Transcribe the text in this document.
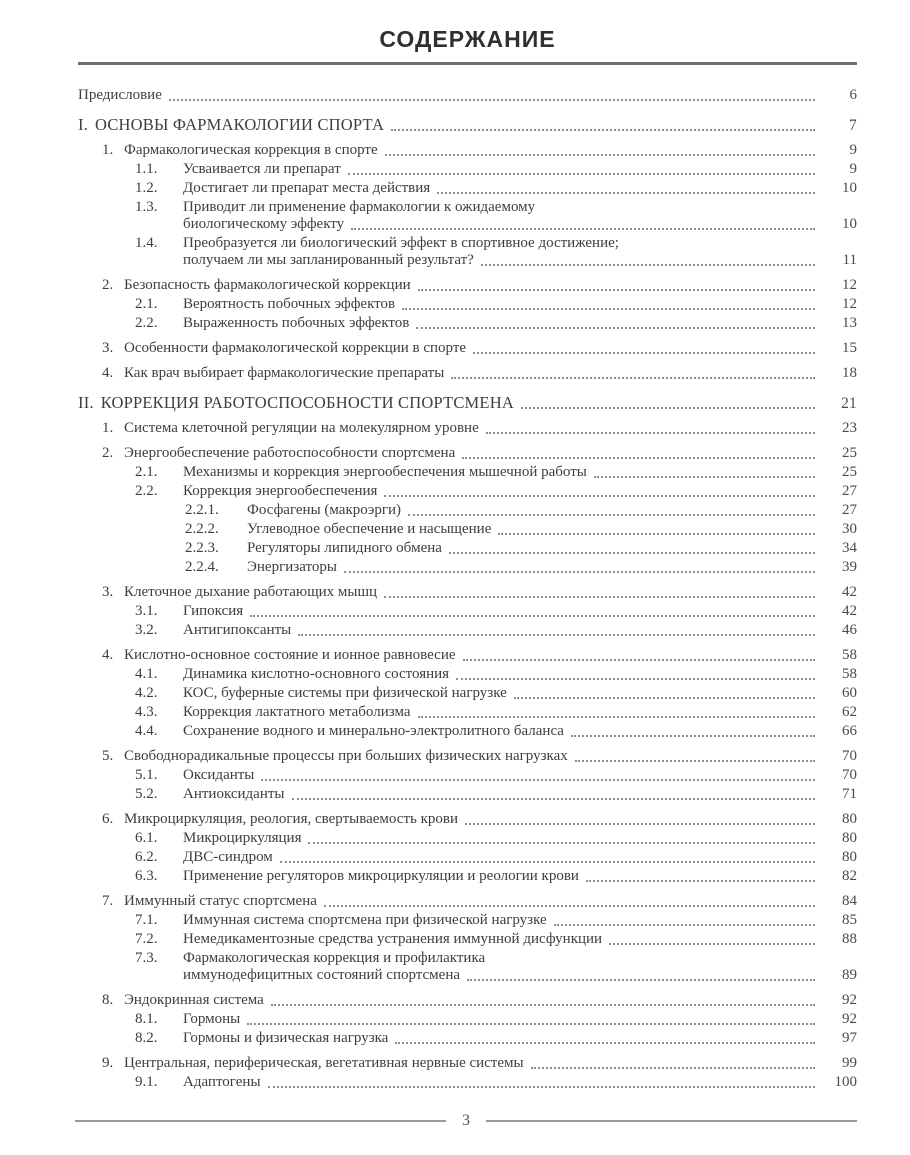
СОДЕРЖАНИЕ
Предисловие	6
I. ОСНОВЫ ФАРМАКОЛОГИИ СПОРТА	7
1. Фармакологическая коррекция в спорте	9
1.1.	Усваивается ли препарат	9
1.2.	Достигает ли препарат места действия	10
1.3.	Приводит ли применение фармакологии к ожидаемому
биологическому эффекту	10
1.4.	Преобразуется ли биологический эффект в спортивное достижение;
получаем ли мы запланированный результат?	11
2. Безопасность фармакологической коррекции	12
2.1.	Вероятность побочных эффектов	12
2.2.	Выраженность побочных эффектов	13
3. Особенности фармакологической коррекции в спорте	15
4. Как врач выбирает фармакологические препараты	18
II. КОРРЕКЦИЯ РАБОТОСПОСОБНОСТИ СПОРТСМЕНА	21
1. Система клеточной регуляции на молекулярном уровне	23
2. Энергообеспечение работоспособности спортсмена	25
2.1.	Механизмы и коррекция энергообеспечения мышечной работы	25
2.2.	Коррекция энергообеспечения	27
2.2.1.	Фосфагены (макроэрги)	27
2.2.2.	Углеводное обеспечение и насыщение	30
2.2.3.	Регуляторы липидного обмена	34
2.2.4.	Энергизаторы	39
3. Клеточное дыхание работающих мышц	42
3.1.	Гипоксия	42
3.2.	Антигипоксанты	46
4. Кислотно-основное состояние и ионное равновесие	58
4.1.	Динамика кислотно-основного состояния	58
4.2.	КОС, буферные системы при физической нагрузке	60
4.3.	Коррекция лактатного метаболизма	62
4.4.	Сохранение водного и минерально-электролитного баланса	66
5. Свободнорадикальные процессы при больших физических нагрузках	70
5.1.	Оксиданты	70
5.2.	Антиоксиданты	71
6. Микроциркуляция, реология, свертываемость крови	80
6.1.	Микроциркуляция	80
6.2.	ДВС-синдром	80
6.3.	Применение регуляторов микроциркуляции и реологии крови	82
7. Иммунный статус спортсмена	84
7.1.	Иммунная система спортсмена при физической нагрузке	85
7.2.	Немедикаментозные средства устранения иммунной дисфункции	88
7.3.	Фармакологическая коррекция и профилактика
иммунодефицитных состояний спортсмена	89
8. Эндокринная система	92
8.1.	Гормоны	92
8.2.	Гормоны и физическая нагрузка	97
9. Центральная, периферическая, вегетативная нервные системы	99
9.1.	Адаптогены	100
3
